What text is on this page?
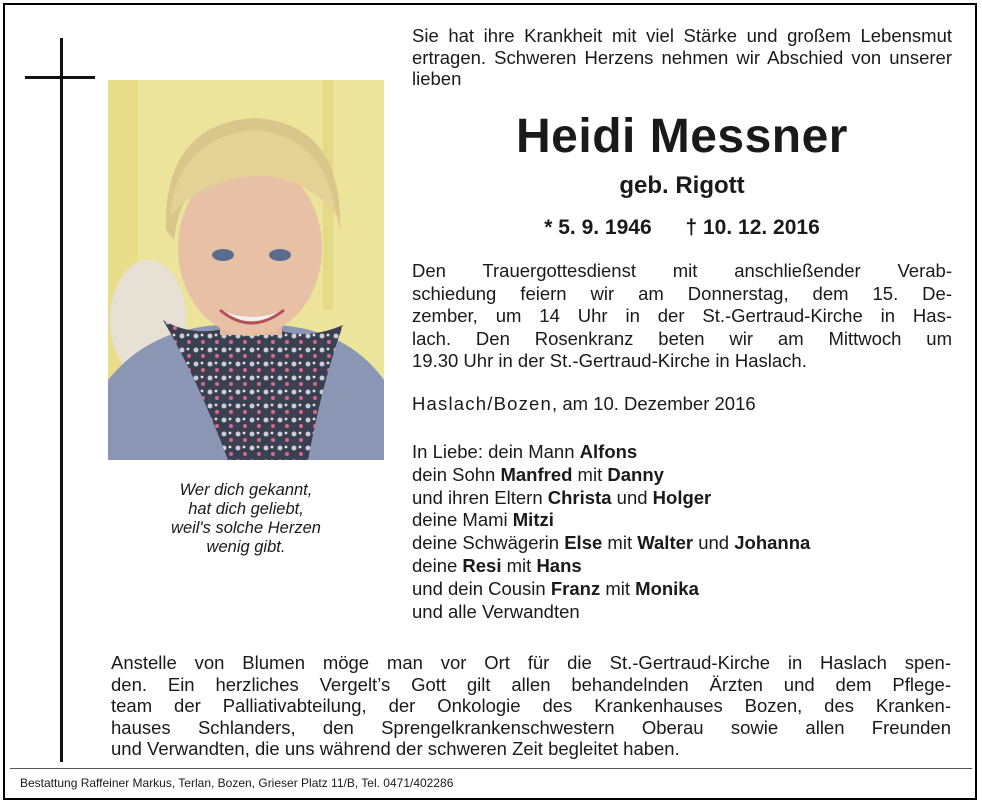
Wer dich gekannt,
hat dich geliebt,
weil's solche Herzen
wenig gibt.
Sie hat ihre Krankheit mit viel Stärke und großem Lebensmut ertragen. Schweren Herzens nehmen wir Abschied von unserer lieben
Heidi Messner
geb. Rigott
* 5. 9. 1946 † 10. 12. 2016
Den Trauergottesdienst mit anschließender Verab-
schiedung feiern wir am Donnerstag, dem 15. De-
zember, um 14 Uhr in der St.-Gertraud-Kirche in Has-
lach. Den Rosenkranz beten wir am Mittwoch um
19.30 Uhr in der St.-Gertraud-Kirche in Haslach.
Haslach/Bozen, am 10. Dezember 2016
In Liebe: dein Mann Alfons
dein Sohn Manfred mit Danny
und ihren Eltern Christa und Holger
deine Mami Mitzi
deine Schwägerin Else mit Walter und Johanna
deine Resi mit Hans
und dein Cousin Franz mit Monika
und alle Verwandten
Anstelle von Blumen möge man vor Ort für die St.-Gertraud-Kirche in Haslach spen-
den. Ein herzliches Vergelt’s Gott gilt allen behandelnden Ärzten und dem Pflege-
team der Palliativabteilung, der Onkologie des Krankenhauses Bozen, des Kranken-
hauses Schlanders, den Sprengelkrankenschwestern Oberau sowie allen Freunden
und Verwandten, die uns während der schweren Zeit begleitet haben.
Bestattung Raffeiner Markus, Terlan, Bozen, Grieser Platz 11/B, Tel. 0471/402286
